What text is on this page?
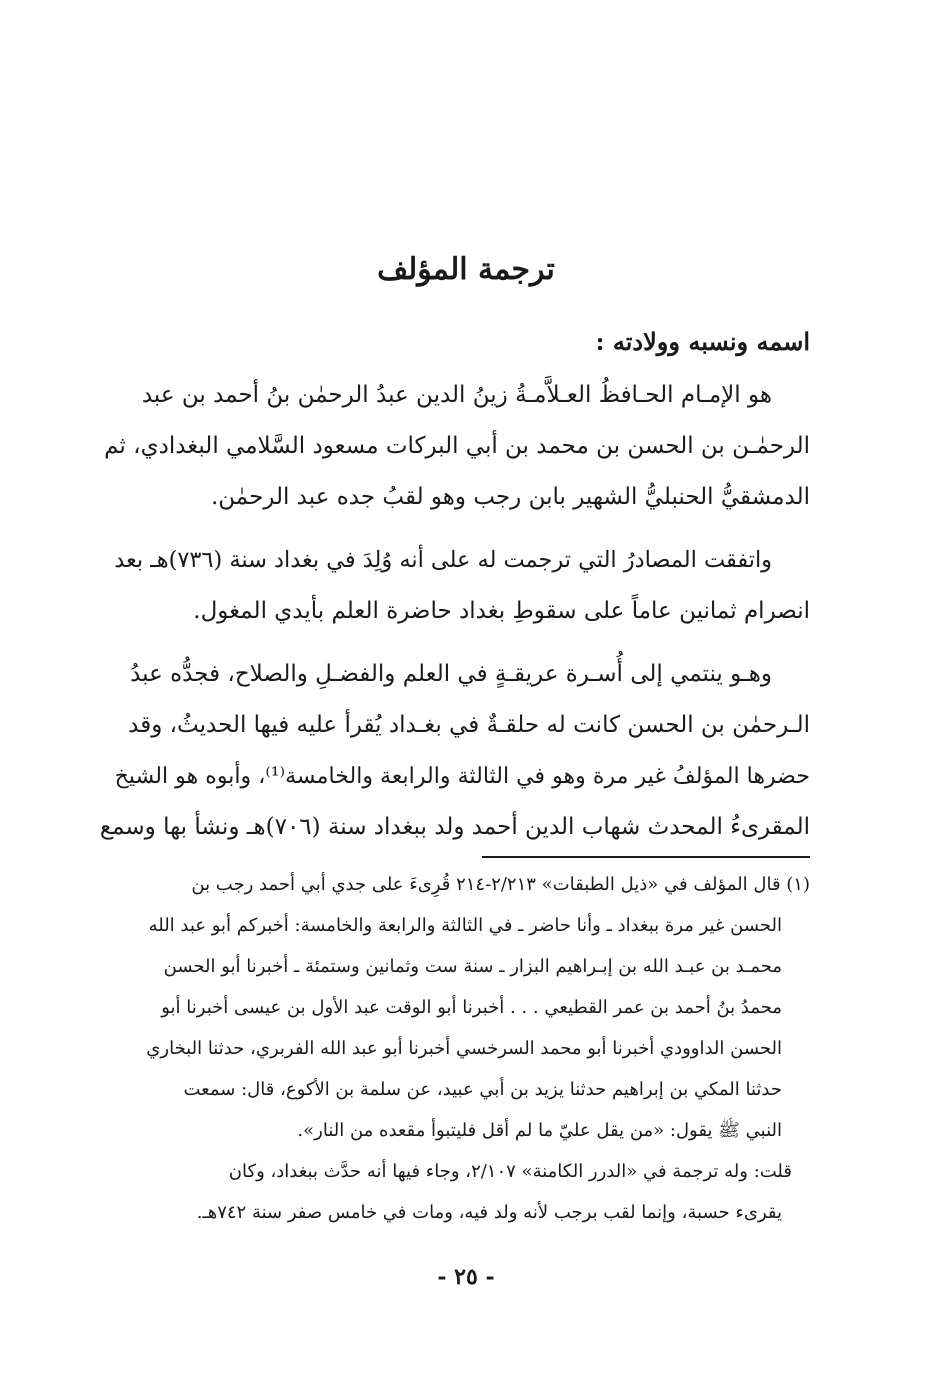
ترجمة المؤلف
اسمه ونسبه وولادته :

هو الإمـام الحـافظُ العـلاَّمـةُ زينُ الدين عبدُ الرحمٰن بنُ أحمد بن عبد
الرحمٰـن بن الحسن بن محمد بن أبي البركات مسعود السَّلامي البغدادي، ثم
الدمشقيُّ الحنبليُّ الشهير بابن رجب وهو لقبُ جده عبد الرحمٰن.

واتفقت المصادرُ التي ترجمت له على أنه وُلِدَ في بغداد سنة (٧٣٦)هـ بعد
انصرام ثمانين عاماً على سقوطِ بغداد حاضرة العلم بأيدي المغول.

وهـو ينتمي إلى أُسـرة عريقـةٍ في العلم والفضـلِ والصلاح، فجدُّه عبدُ
الـرحمٰن بن الحسن كانت له حلقـةٌ في بغـداد يُقرأ عليه فيها الحديثُ، وقد
حضرها المؤلفُ غير مرة وهو في الثالثة والرابعة والخامسة⁽¹⁾، وأبوه هو الشيخ
المقرىءُ المحدث شهاب الدين أحمد ولد ببغداد سنة (٧٠٦)هـ ونشأ بها وسمع

(١) قال المؤلف في «ذيل الطبقات» ٢/٢١٣-٢١٤ قُرِىءَ على جدي أبي أحمد رجب بن
الحسن غير مرة ببغداد ـ وأنا حاضر ـ في الثالثة والرابعة والخامسة: أخبركم أبو عبد الله
محمـد بن عبـد الله بن إبـراهيم البزار ـ سنة ست وثمانين وستمئة ـ أخبرنا أبو الحسن
محمدُ بنُ أحمد بن عمر القطيعي . . . أخبرنا أبو الوقت عبد الأول بن عيسى أخبرنا أبو
الحسن الداوودي أخبرنا أبو محمد السرخسي أخبرنا أبو عبد الله الفربري، حدثنا البخاري
حدثنا المكي بن إبراهيم حدثنا يزيد بن أبي عبيد، عن سلمة بن الأكوع، قال: سمعت
النبي ﷺ يقول: «من يقل عليّ ما لم أقل فليتبوأ مقعده من النار».

قلت: وله ترجمة في «الدرر الكامنة» ٢/١٠٧، وجاء فيها أنه حدَّث ببغداد، وكان
يقرىء حسبة، وإنما لقب برجب لأنه ولد فيه، ومات في خامس صفر سنة ٧٤٢هـ.

- ٢٥ -
